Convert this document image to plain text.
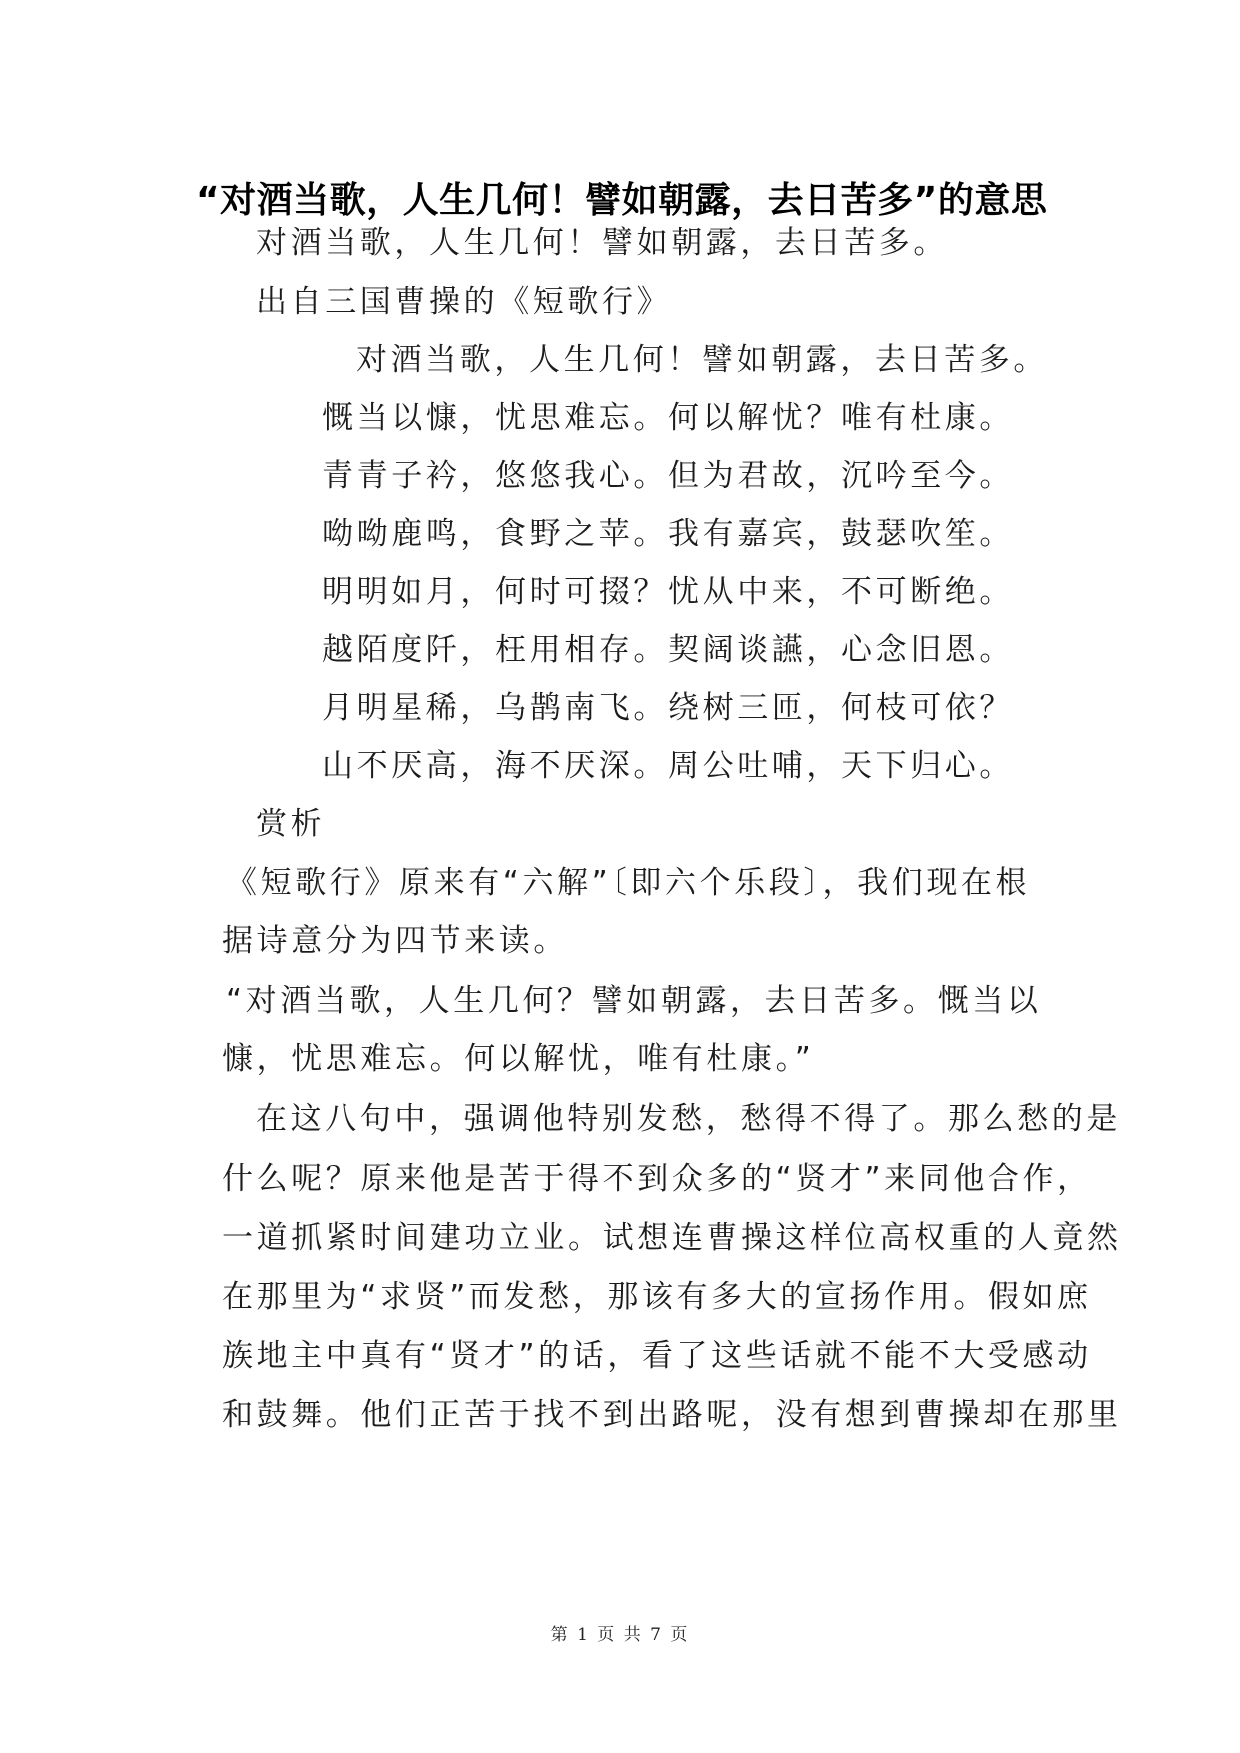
“对酒当歌，人生几何！譬如朝露，去日苦多”的意思
对酒当歌，人生几何！譬如朝露，去日苦多。
出自三国曹操的《短歌行》
对酒当歌，人生几何！譬如朝露，去日苦多。
慨当以慷，忧思难忘。何以解忧？唯有杜康。
青青子衿，悠悠我心。但为君故，沉吟至今。
呦呦鹿鸣，食野之苹。我有嘉宾，鼓瑟吹笙。
明明如月，何时可掇？忧从中来，不可断绝。
越陌度阡，枉用相存。契阔谈讌，心念旧恩。
月明星稀，乌鹊南飞。绕树三匝，何枝可依？
山不厌高，海不厌深。周公吐哺，天下归心。
赏析
《短歌行》原来有“六解”〔即六个乐段〕，我们现在根
据诗意分为四节来读。
“对酒当歌，人生几何？譬如朝露，去日苦多。慨当以
慷，忧思难忘。何以解忧，唯有杜康。”
在这八句中，强调他特别发愁，愁得不得了。那么愁的是
什么呢？原来他是苦于得不到众多的“贤才”来同他合作，
一道抓紧时间建功立业。试想连曹操这样位高权重的人竟然
在那里为“求贤”而发愁，那该有多大的宣扬作用。假如庶
族地主中真有“贤才”的话，看了这些话就不能不大受感动
和鼓舞。他们正苦于找不到出路呢，没有想到曹操却在那里
第 1 页 共 7 页
